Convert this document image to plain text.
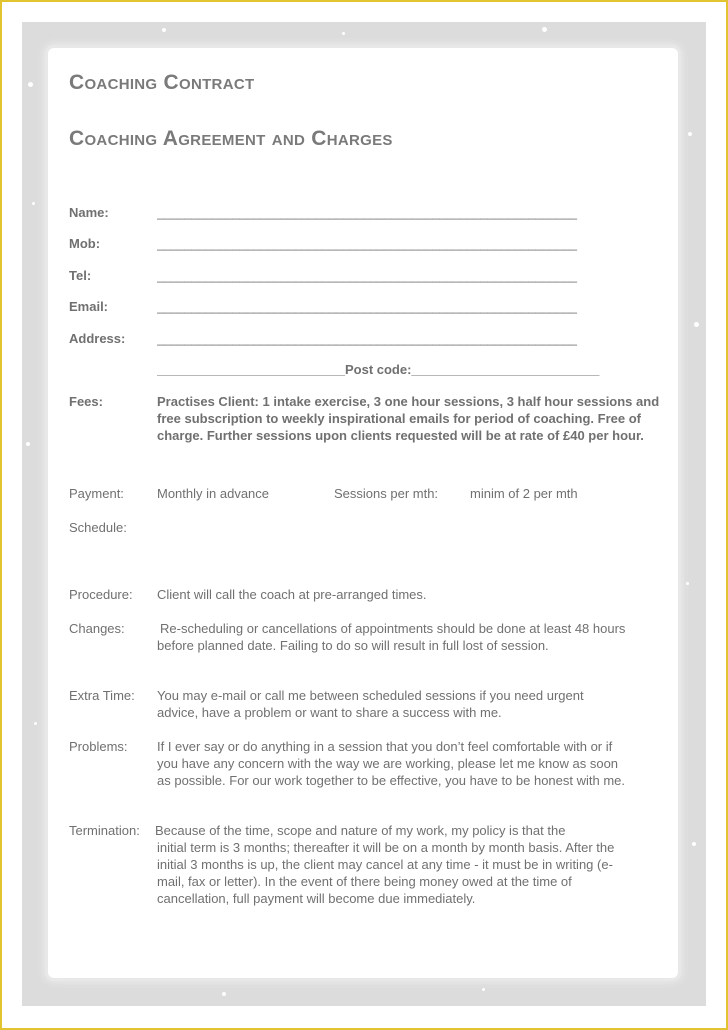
Coaching Contract
Coaching Agreement and Charges
Name:	_____________________________________________________________
Mob:	_____________________________________________________________
Tel:	_____________________________________________________________
Email:	_____________________________________________________________
Address: _____________________________________________________________
__________________________Post code:__________________________
Fees:	Practises Client: 1 intake exercise, 3 one hour sessions, 3 half hour sessions and free subscription to weekly inspirational emails for period of coaching. Free of charge. Further sessions upon clients requested will be at rate of £40 per hour.
Payment:	Monthly in advance	Sessions per mth: minim of 2 per mth
Schedule:
Procedure: Client will call the coach at pre-arranged times.
Changes:	Re-scheduling or cancellations of appointments should be done at least 48 hours before planned date. Failing to do so will result in full lost of session.
Extra Time: You may e-mail or call me between scheduled sessions if you need urgent advice, have a problem or want to share a success with me.
Problems: If I ever say or do anything in a session that you don’t feel comfortable with or if you have any concern with the way we are working, please let me know as soon as possible. For our work together to be effective, you have to be honest with me.
Termination: Because of the time, scope and nature of my work, my policy is that the
initial term is 3 months; thereafter it will be on a month by month basis. After the initial 3 months is up, the client may cancel at any time - it must be in writing (e-mail, fax or letter). In the event of there being money owed at the time of cancellation, full payment will become due immediately.
